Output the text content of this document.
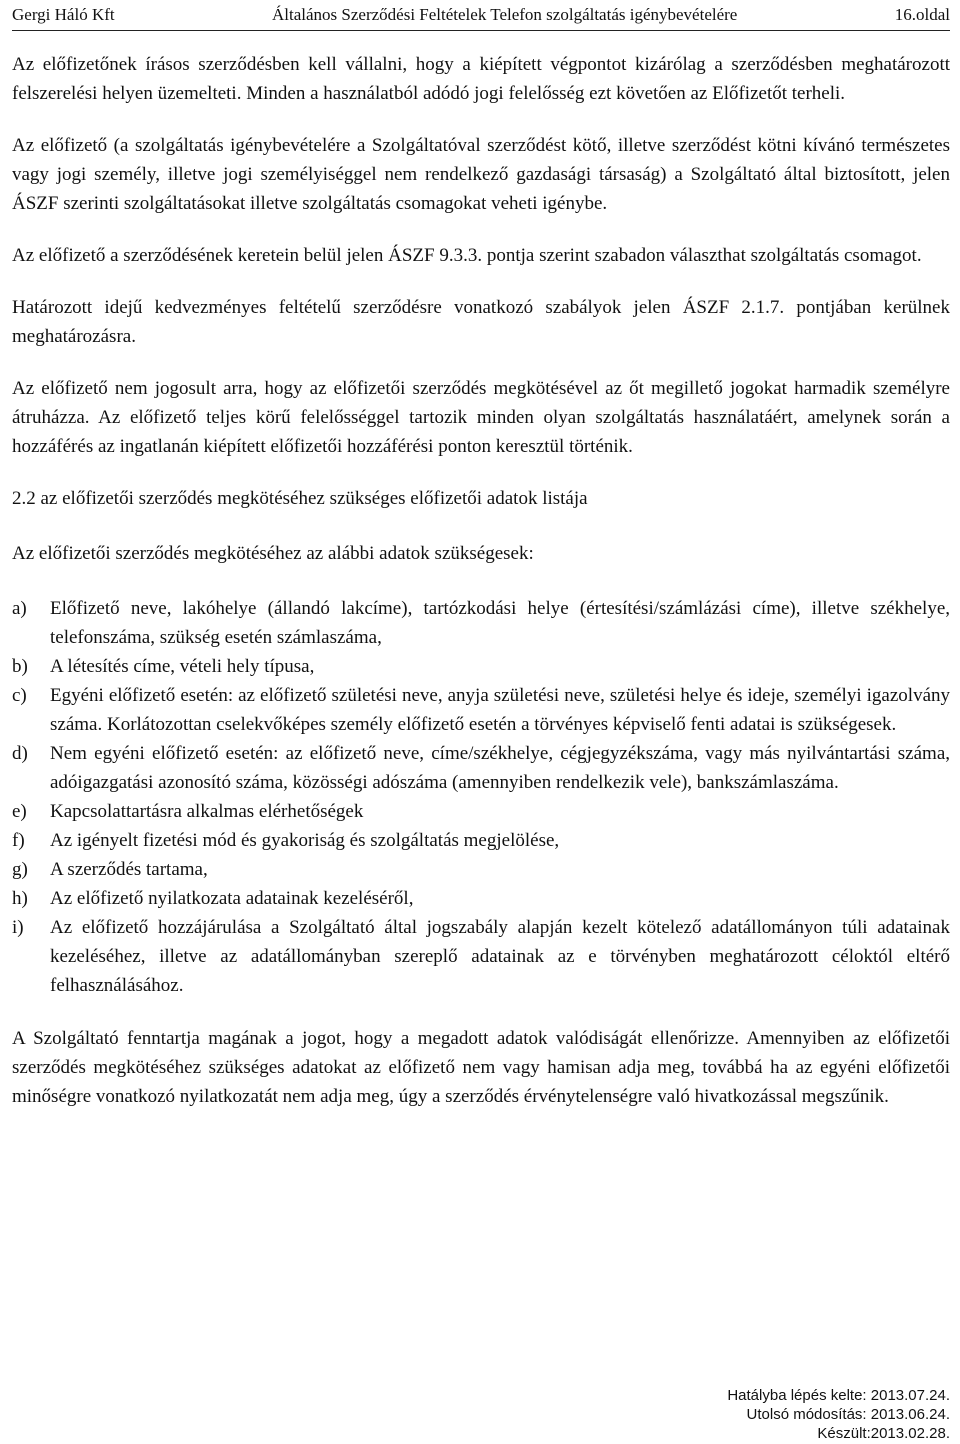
Gergi Háló Kft	Általános Szerződési Feltételek Telefon szolgáltatás igénybevételére	16.oldal

Az előfizetőnek írásos szerződésben kell vállalni, hogy a kiépített végpontot kizárólag a szerződésben meghatározott felszerelési helyen üzemelteti. Minden a használatból adódó jogi felelősség ezt követően az Előfizetőt terheli.

Az előfizető (a szolgáltatás igénybevételére a Szolgáltatóval szerződést kötő, illetve szerződést kötni kívánó természetes vagy jogi személy, illetve jogi személyiséggel nem rendelkező gazdasági társaság) a Szolgáltató által biztosított, jelen ÁSZF szerinti szolgáltatásokat illetve szolgáltatás csomagokat veheti igénybe.

Az előfizető a szerződésének keretein belül jelen ÁSZF 9.3.3. pontja szerint szabadon választhat szolgáltatás csomagot.

Határozott idejű kedvezményes feltételű szerződésre vonatkozó szabályok jelen ÁSZF 2.1.7. pontjában kerülnek meghatározásra.

Az előfizető nem jogosult arra, hogy az előfizetői szerződés megkötésével az őt megillető jogokat harmadik személyre átruházza. Az előfizető teljes körű felelősséggel tartozik minden olyan szolgáltatás használatáért, amelynek során a hozzáférés az ingatlanán kiépített előfizetői hozzáférési ponton keresztül történik.

2.2 az előfizetői szerződés megkötéséhez szükséges előfizetői adatok listája

Az előfizetői szerződés megkötéséhez az alábbi adatok szükségesek:

a) Előfizető neve, lakóhelye (állandó lakcíme), tartózkodási helye (értesítési/számlázási címe), illetve székhelye, telefonszáma, szükség esetén számlaszáma,
b) A létesítés címe, vételi hely típusa,
c) Egyéni előfizető esetén: az előfizető születési neve, anyja születési neve, születési helye és ideje, személyi igazolvány száma. Korlátozottan cselekvőképes személy előfizető esetén a törvényes képviselő fenti adatai is szükségesek.
d) Nem egyéni előfizető esetén: az előfizető neve, címe/székhelye, cégjegyzékszáma, vagy más nyilvántartási száma, adóigazgatási azonosító száma, közösségi adószáma (amennyiben rendelkezik vele), bankszámlaszáma.
e) Kapcsolattartásra alkalmas elérhetőségek
f) Az igényelt fizetési mód és gyakoriság és szolgáltatás megjelölése,
g) A szerződés tartama,
h) Az előfizető nyilatkozata adatainak kezeléséről,
i) Az előfizető hozzájárulása a Szolgáltató által jogszabály alapján kezelt kötelező adatállományon túli adatainak kezeléséhez, illetve az adatállományban szereplő adatainak az e törvényben meghatározott céloktól eltérő felhasználásához.

A Szolgáltató fenntartja magának a jogot, hogy a megadott adatok valódiságát ellenőrizze. Amennyiben az előfizetői szerződés megkötéséhez szükséges adatokat az előfizető nem vagy hamisan adja meg, továbbá ha az egyéni előfizetői minőségre vonatkozó nyilatkozatát nem adja meg, úgy a szerződés érvénytelenségre való hivatkozással megszűnik.

Hatályba lépés kelte: 2013.07.24.
Utolsó módosítás: 2013.06.24.
Készült:2013.02.28.
